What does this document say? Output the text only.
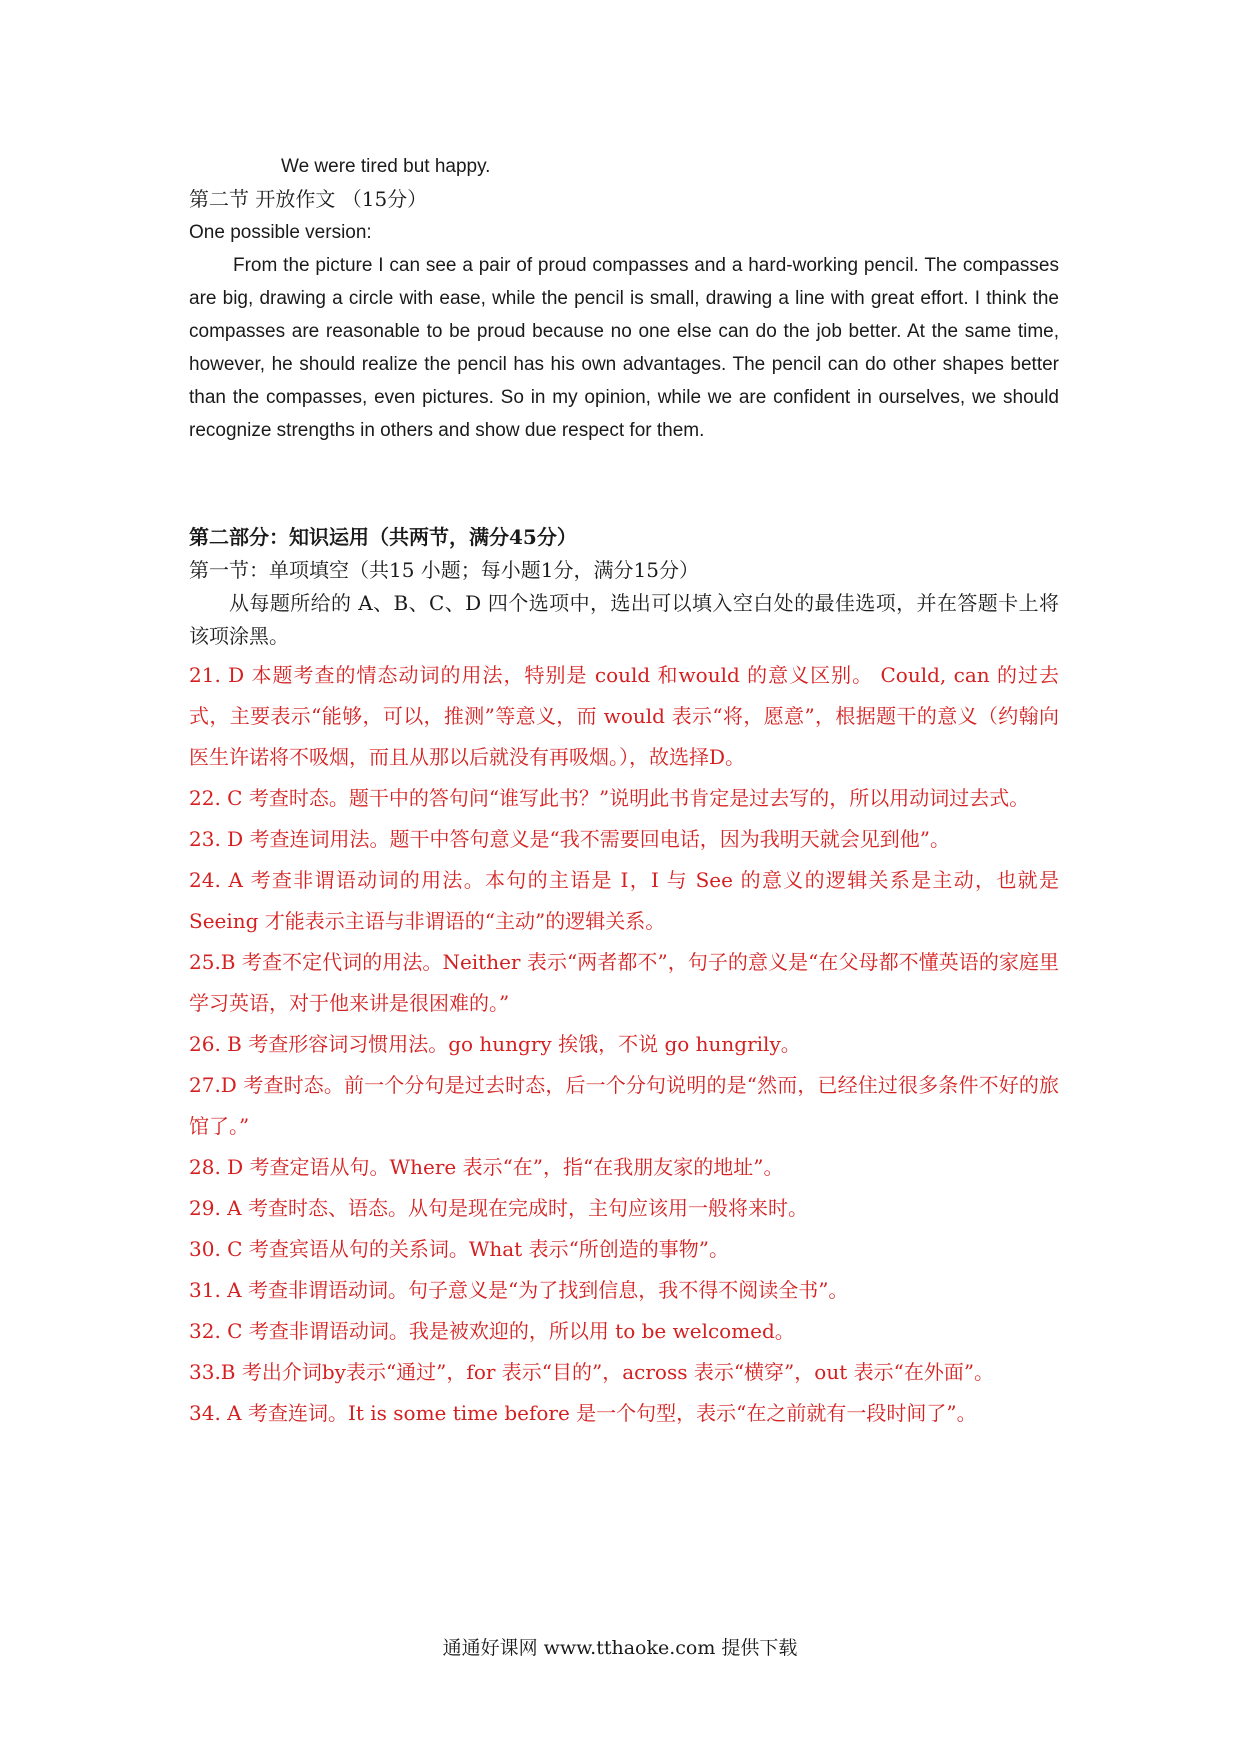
We were tired but happy.

第二节 开放作文 （15分）

One possible version:

From the picture I can see a pair of proud compasses and a hard-working pencil. The compasses are big, drawing a circle with ease, while the pencil is small, drawing a line with great effort. I think the compasses are reasonable to be proud because no one else can do the job better. At the same time, however, he should realize the pencil has his own advantages. The pencil can do other shapes better than the compasses, even pictures. So in my opinion, while we are confident in ourselves, we should recognize strengths in others and show due respect for them.

第二部分：知识运用（共两节，满分45分）

第一节：单项填空（共15 小题；每小题1分，满分15分）

从每题所给的 A、B、C、D 四个选项中，选出可以填入空白处的最佳选项，并在答题卡上将该项涂黑。

21. D 本题考查的情态动词的用法，特别是 could 和would 的意义区别。 Could, can 的过去式，主要表示“能够，可以，推测”等意义，而 would 表示“将，愿意”，根据题干的意义（约翰向医生许诺将不吸烟，而且从那以后就没有再吸烟。），故选择D。

22. C 考查时态。题干中的答句问“谁写此书？”说明此书肯定是过去写的，所以用动词过去式。

23. D 考查连词用法。题干中答句意义是“我不需要回电话，因为我明天就会见到他”。

24. A 考查非谓语动词的用法。本句的主语是 I，I 与 See 的意义的逻辑关系是主动，也就是Seeing 才能表示主语与非谓语的“主动”的逻辑关系。

25.B 考查不定代词的用法。Neither 表示“两者都不”，句子的意义是“在父母都不懂英语的家庭里学习英语，对于他来讲是很困难的。”

26. B 考查形容词习惯用法。go hungry 挨饿，不说 go hungrily。

27.D 考查时态。前一个分句是过去时态，后一个分句说明的是“然而，已经住过很多条件不好的旅馆了。”

28. D 考查定语从句。Where 表示“在”，指“在我朋友家的地址”。

29. A 考查时态、语态。从句是现在完成时，主句应该用一般将来时。

30. C 考查宾语从句的关系词。What 表示“所创造的事物”。

31. A 考查非谓语动词。句子意义是“为了找到信息，我不得不阅读全书”。

32. C 考查非谓语动词。我是被欢迎的，所以用 to be welcomed。

33.B 考出介词by表示“通过”，for 表示“目的”，across 表示“横穿”，out 表示“在外面”。

34. A 考查连词。It is some time before 是一个句型，表示“在之前就有一段时间了”。

通通好课网 www.tthaoke.com 提供下载
